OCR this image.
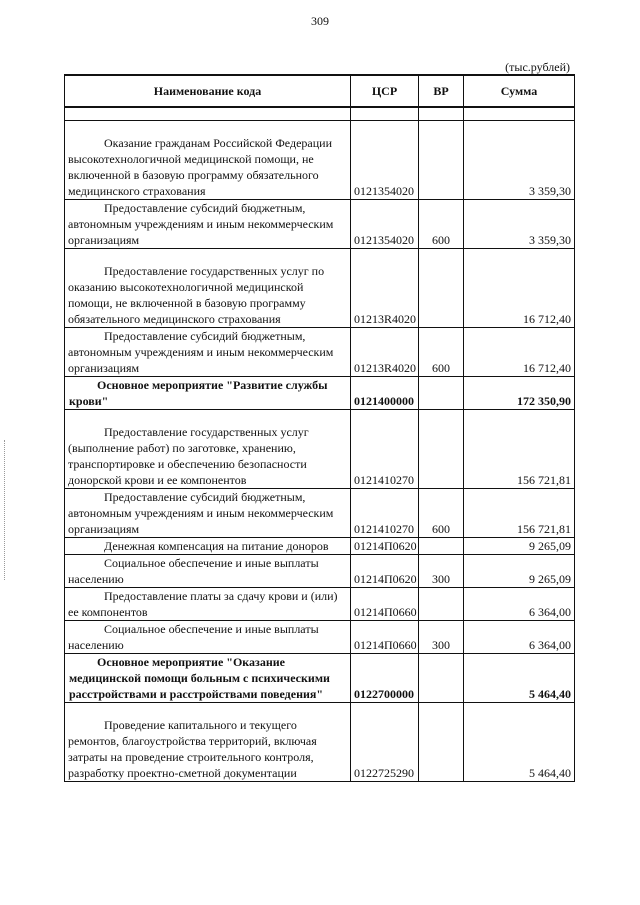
309
(тыс.рублей)
Наименование кода	ЦСР	ВР	Сумма

Оказание гражданам Российской Федерации высокотехнологичной медицинской помощи, не включенной в базовую программу обязательного медицинского страхования	0121354020		3 359,30

Предоставление субсидий бюджетным, автономным учреждениям и иным некоммерческим организациям	0121354020	600	3 359,30

Предоставление государственных услуг по оказанию высокотехнологичной медицинской помощи, не включенной в базовую программу обязательного медицинского страхования	01213R4020		16 712,40

Предоставление субсидий бюджетным, автономным учреждениям и иным некоммерческим организациям	01213R4020	600	16 712,40

Основное мероприятие "Развитие службы крови"	0121400000		172 350,90

Предоставление государственных услуг (выполнение работ) по заготовке, хранению, транспортировке и обеспечению безопасности донорской крови и ее компонентов	0121410270		156 721,81

Предоставление субсидий бюджетным, автономным учреждениям и иным некоммерческим организациям	0121410270	600	156 721,81

Денежная компенсация на питание доноров	01214П0620		9 265,09

Социальное обеспечение и иные выплаты населению	01214П0620	300	9 265,09

Предоставление платы за сдачу крови и (или) ее компонентов	01214П0660		6 364,00

Социальное обеспечение и иные выплаты населению	01214П0660	300	6 364,00

Основное мероприятие "Оказание медицинской помощи больным с психическими расстройствами и расстройствами поведения"	0122700000		5 464,40

Проведение капитального и текущего ремонтов, благоустройства территорий, включая затраты на проведение строительного контроля, разработку проектно-сметной документации	0122725290		5 464,40
